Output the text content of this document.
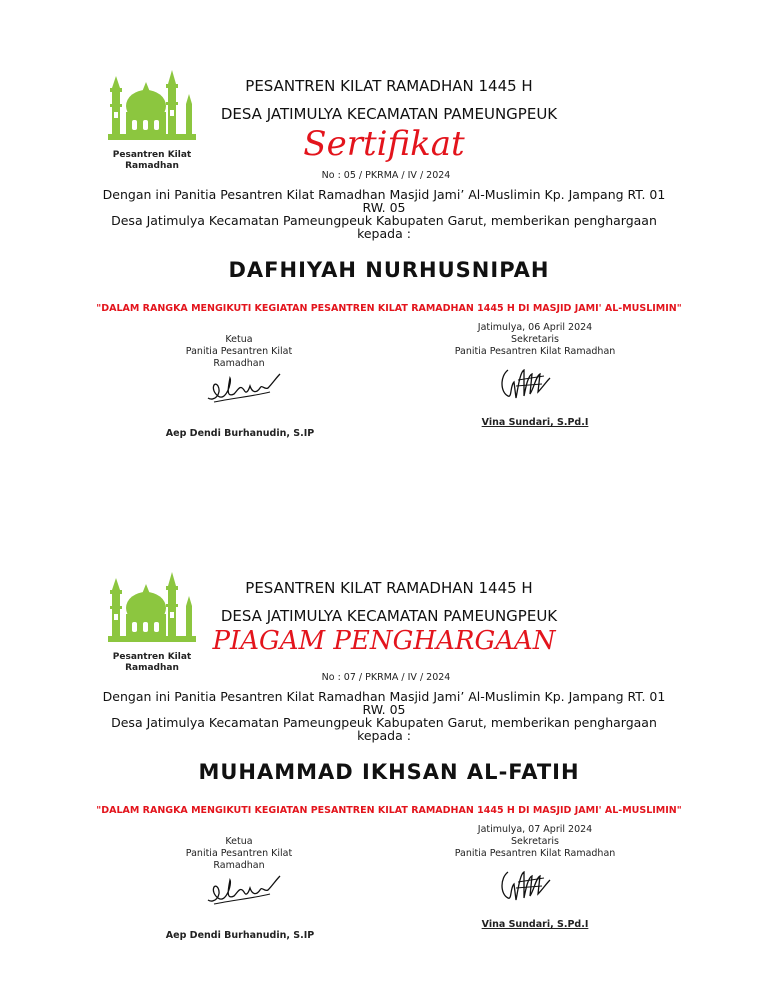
Pesantren Kilat Ramadhan
PESANTREN KILAT RAMADHAN 1445 H
DESA JATIMULYA KECAMATAN PAMEUNGPEUK
Sertifikat
No : 05 / PKRMA / IV / 2024
Dengan ini Panitia Pesantren Kilat Ramadhan Masjid Jami’ Al-Muslimin Kp. Jampang RT. 01 RW. 05
Desa Jatimulya Kecamatan Pameungpeuk Kabupaten Garut, memberikan penghargaan kepada :
DAFHIYAH NURHUSNIPAH
"DALAM RANGKA MENGIKUTI KEGIATAN PESANTREN KILAT RAMADHAN 1445 H DI MASJID JAMI' AL-MUSLIMIN"
Ketua
Panitia Pesantren Kilat Ramadhan
Aep Dendi Burhanudin, S.IP
Jatimulya, 06 April 2024
Sekretaris
Panitia Pesantren Kilat Ramadhan
Vina Sundari, S.Pd.I
Pesantren Kilat Ramadhan
PESANTREN KILAT RAMADHAN 1445 H
DESA JATIMULYA KECAMATAN PAMEUNGPEUK
PIAGAM PENGHARGAAN
No : 07 / PKRMA / IV / 2024
Dengan ini Panitia Pesantren Kilat Ramadhan Masjid Jami’ Al-Muslimin Kp. Jampang RT. 01 RW. 05
Desa Jatimulya Kecamatan Pameungpeuk Kabupaten Garut, memberikan penghargaan kepada :
MUHAMMAD IKHSAN AL-FATIH
"DALAM RANGKA MENGIKUTI KEGIATAN PESANTREN KILAT RAMADHAN 1445 H DI MASJID JAMI' AL-MUSLIMIN"
Ketua
Panitia Pesantren Kilat Ramadhan
Aep Dendi Burhanudin, S.IP
Jatimulya, 07 April 2024
Sekretaris
Panitia Pesantren Kilat Ramadhan
Vina Sundari, S.Pd.I
